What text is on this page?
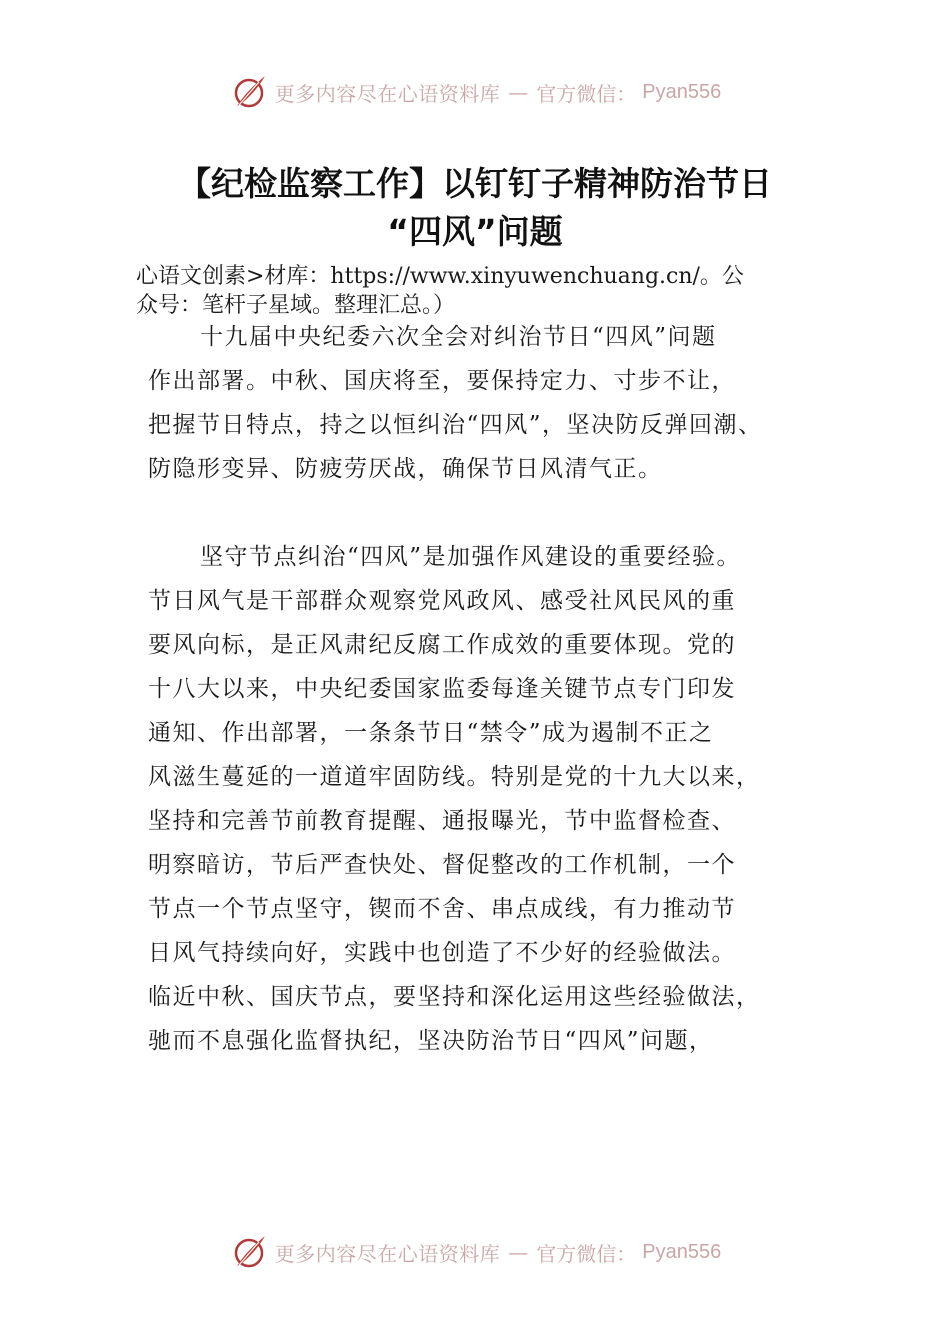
更多内容尽在心语资料库 — 官方微信： Pyan556
【纪检监察工作】以钉钉子精神防治节日
“四风”问题
心语文创素>材库：https://www.xinyuwenchuang.cn/。公
众号：笔杆子星域。整理汇总。）
十九届中央纪委六次全会对纠治节日“四风”问题
作出部署。中秋、国庆将至，要保持定力、寸步不让，
把握节日特点，持之以恒纠治“四风”，坚决防反弹回潮、
防隐形变异、防疲劳厌战，确保节日风清气正。
坚守节点纠治“四风”是加强作风建设的重要经验。
节日风气是干部群众观察党风政风、感受社风民风的重
要风向标，是正风肃纪反腐工作成效的重要体现。党的
十八大以来，中央纪委国家监委每逢关键节点专门印发
通知、作出部署，一条条节日“禁令”成为遏制不正之
风滋生蔓延的一道道牢固防线。特别是党的十九大以来，
坚持和完善节前教育提醒、通报曝光，节中监督检查、
明察暗访，节后严查快处、督促整改的工作机制，一个
节点一个节点坚守，锲而不舍、串点成线，有力推动节
日风气持续向好，实践中也创造了不少好的经验做法。
临近中秋、国庆节点，要坚持和深化运用这些经验做法，
驰而不息强化监督执纪，坚决防治节日“四风”问题，
更多内容尽在心语资料库 — 官方微信： Pyan556
